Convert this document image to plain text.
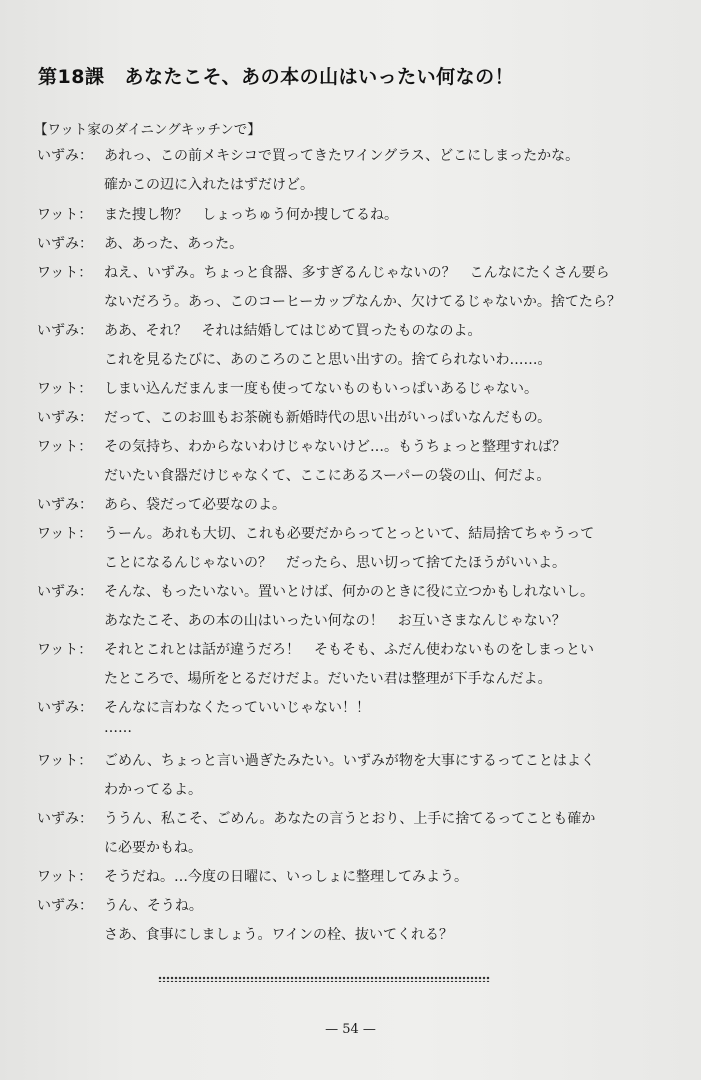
第18課 あなたこそ、あの本の山はいったい何なの！
【ワット家のダイニングキッチンで】
いずみ： あれっ、この前メキシコで買ってきたワイングラス、どこにしまったかな。
確かこの辺に入れたはずだけど。
ワット： また捜し物？　しょっちゅう何か捜してるね。
いずみ： あ、あった、あった。
ワット： ねえ、いずみ。ちょっと食器、多すぎるんじゃないの？　こんなにたくさん要ら
ないだろう。あっ、このコーヒーカップなんか、欠けてるじゃないか。捨てたら？
いずみ： ああ、それ？　それは結婚してはじめて買ったものなのよ。
これを見るたびに、あのころのこと思い出すの。捨てられないわ……。
ワット： しまい込んだまんま一度も使ってないものもいっぱいあるじゃない。
いずみ： だって、このお皿もお茶碗も新婚時代の思い出がいっぱいなんだもの。
ワット： その気持ち、わからないわけじゃないけど…。もうちょっと整理すれば？
だいたい食器だけじゃなくて、ここにあるスーパーの袋の山、何だよ。
いずみ： あら、袋だって必要なのよ。
ワット： うーん。あれも大切、これも必要だからってとっといて、結局捨てちゃうって
ことになるんじゃないの？　だったら、思い切って捨てたほうがいいよ。
いずみ： そんな、もったいない。置いとけば、何かのときに役に立つかもしれないし。
あなたこそ、あの本の山はいったい何なの！　お互いさまなんじゃない？
ワット： それとこれとは話が違うだろ！　そもそも、ふだん使わないものをしまっとい
たところで、場所をとるだけだよ。だいたい君は整理が下手なんだよ。
いずみ： そんなに言わなくたっていいじゃない！！
……
ワット： ごめん、ちょっと言い過ぎたみたい。いずみが物を大事にするってことはよく
わかってるよ。
いずみ： ううん、私こそ、ごめん。あなたの言うとおり、上手に捨てるってことも確か
に必要かもね。
ワット： そうだね。…今度の日曜に、いっしょに整理してみよう。
いずみ： うん、そうね。
さあ、食事にしましょう。ワインの栓、抜いてくれる？
— 54 —
